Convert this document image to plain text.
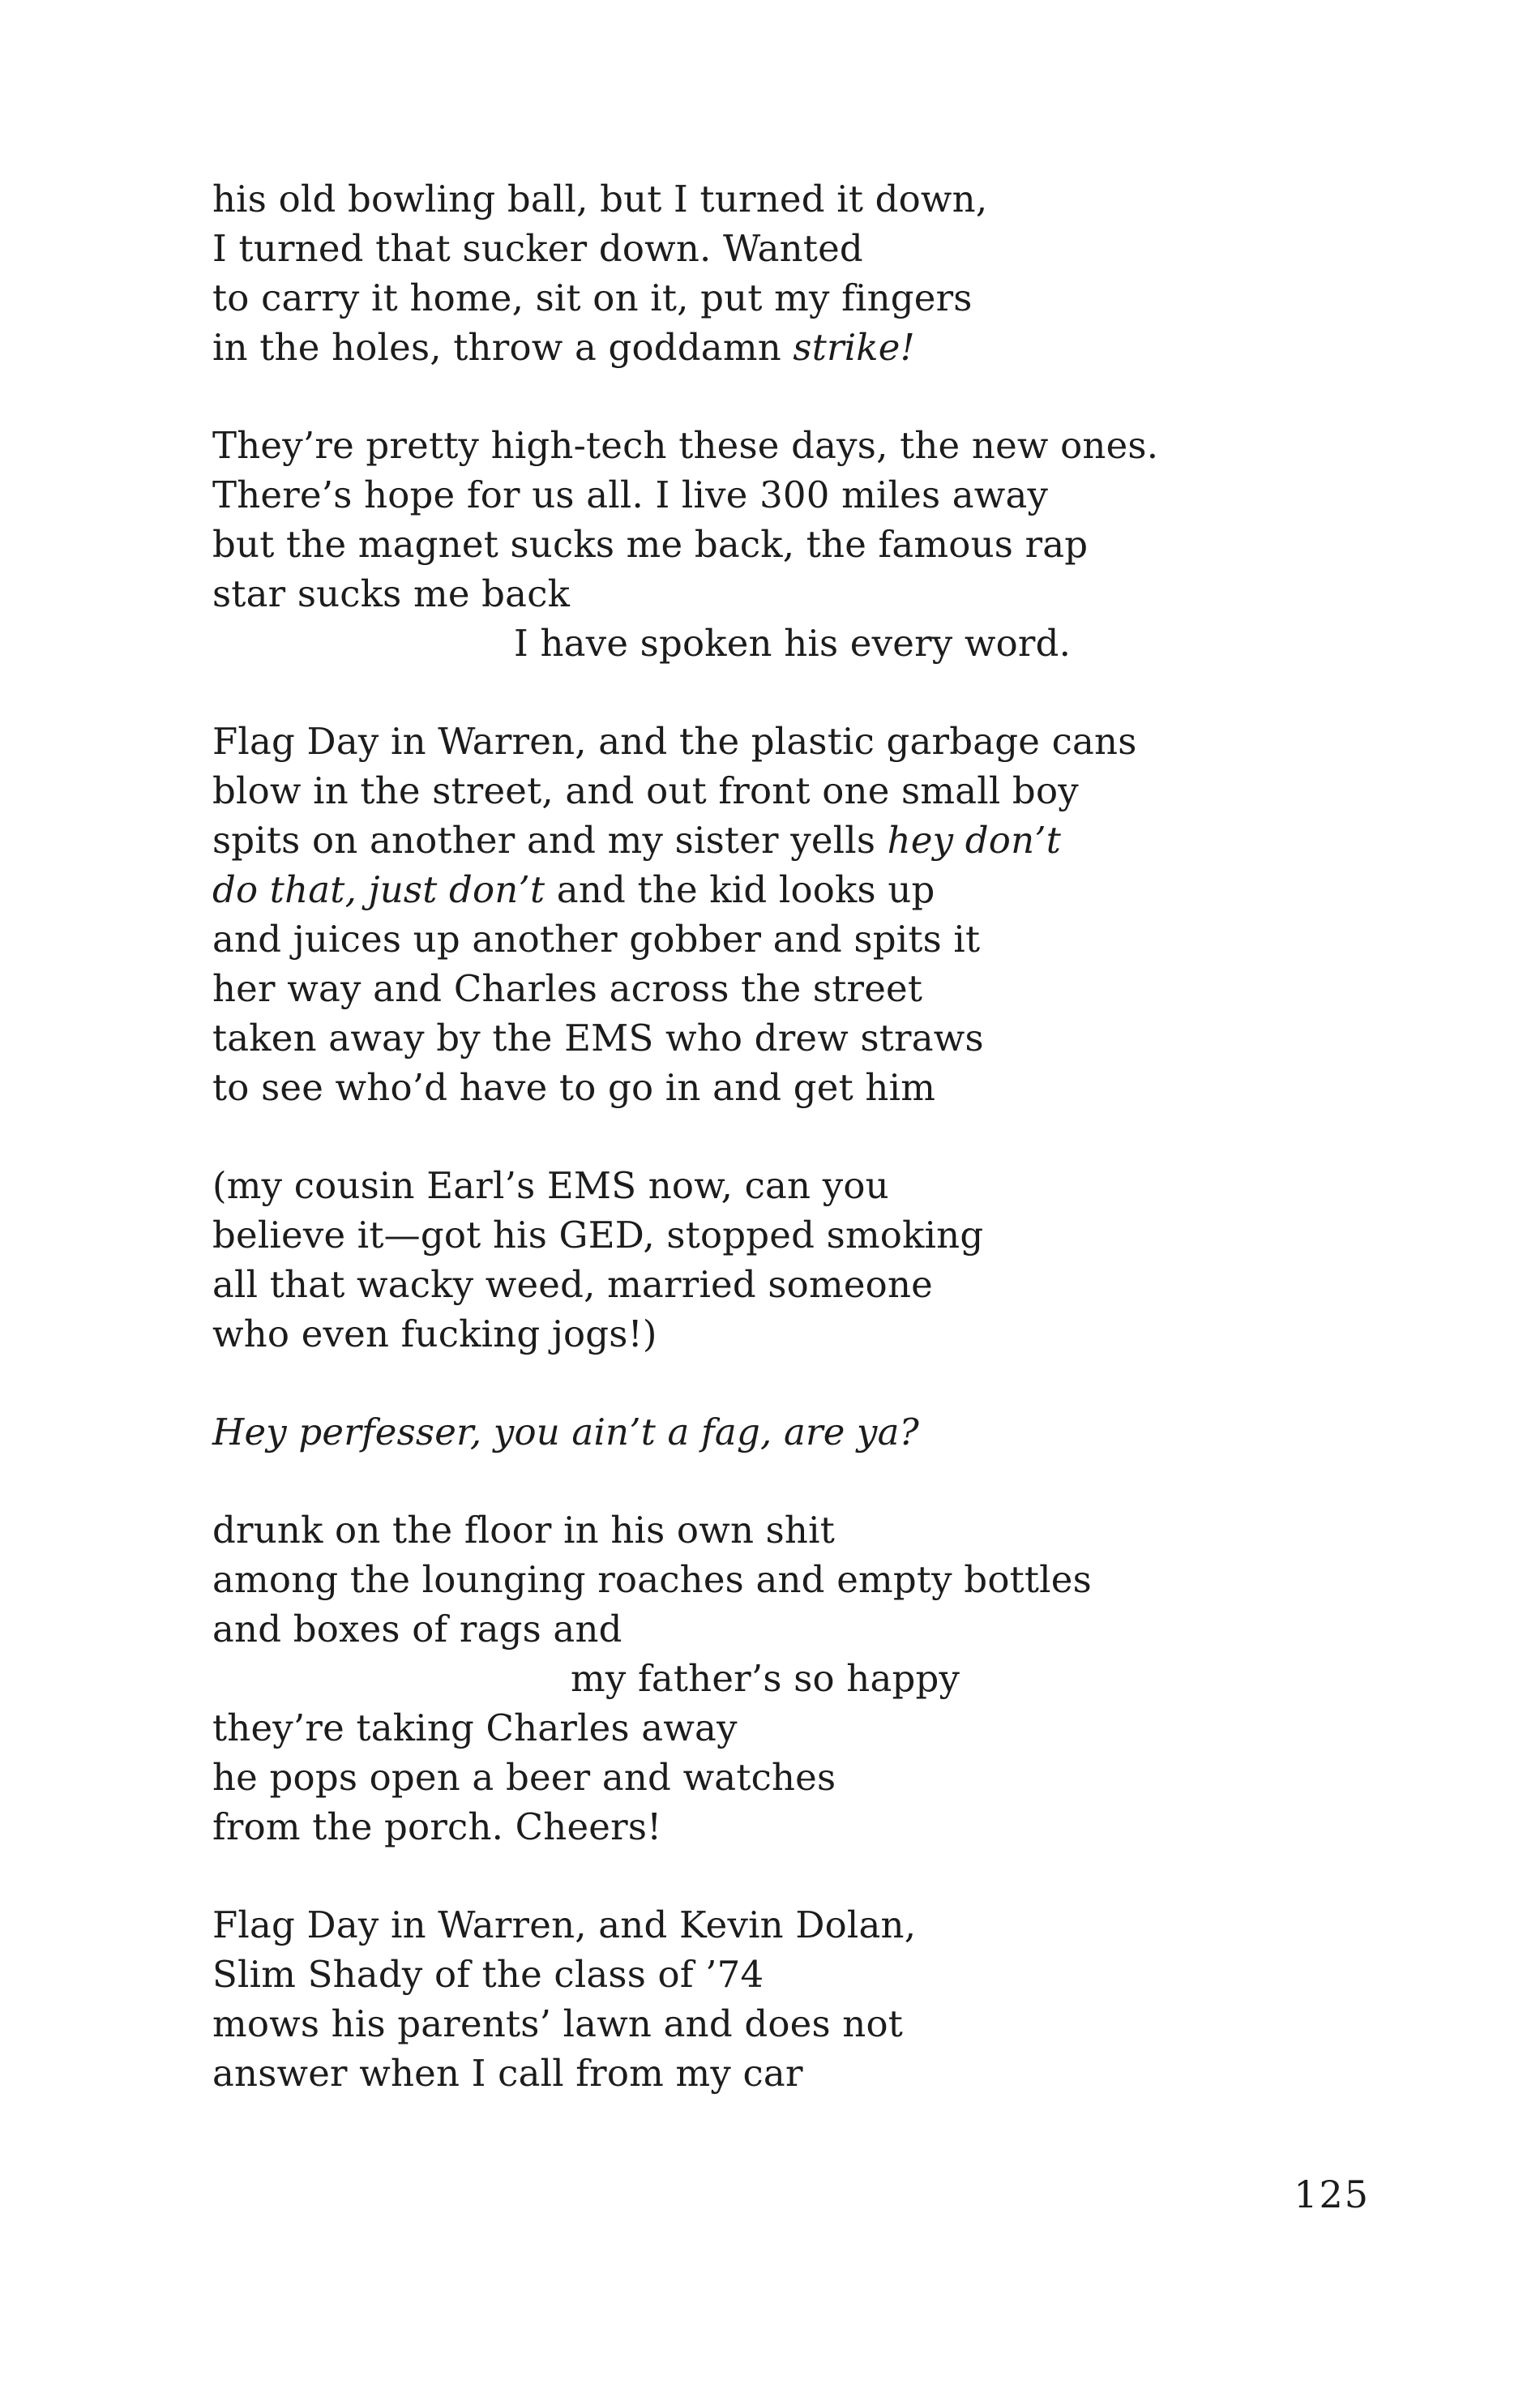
his old bowling ball, but I turned it down,
I turned that sucker down. Wanted
to carry it home, sit on it, put my fingers
in the holes, throw a goddamn strike!
They’re pretty high-tech these days, the new ones.
There’s hope for us all. I live 300 miles away
but the magnet sucks me back, the famous rap
star sucks me back
I have spoken his every word.
Flag Day in Warren, and the plastic garbage cans
blow in the street, and out front one small boy
spits on another and my sister yells hey don’t
do that, just don’t and the kid looks up
and juices up another gobber and spits it
her way and Charles across the street
taken away by the EMS who drew straws
to see who’d have to go in and get him
(my cousin Earl’s EMS now, can you
believe it—got his GED, stopped smoking
all that wacky weed, married someone
who even fucking jogs!)
Hey perfesser, you ain’t a fag, are ya?
drunk on the floor in his own shit
among the lounging roaches and empty bottles
and boxes of rags and
my father’s so happy
they’re taking Charles away
he pops open a beer and watches
from the porch. Cheers!
Flag Day in Warren, and Kevin Dolan,
Slim Shady of the class of ’74
mows his parents’ lawn and does not
answer when I call from my car
125
